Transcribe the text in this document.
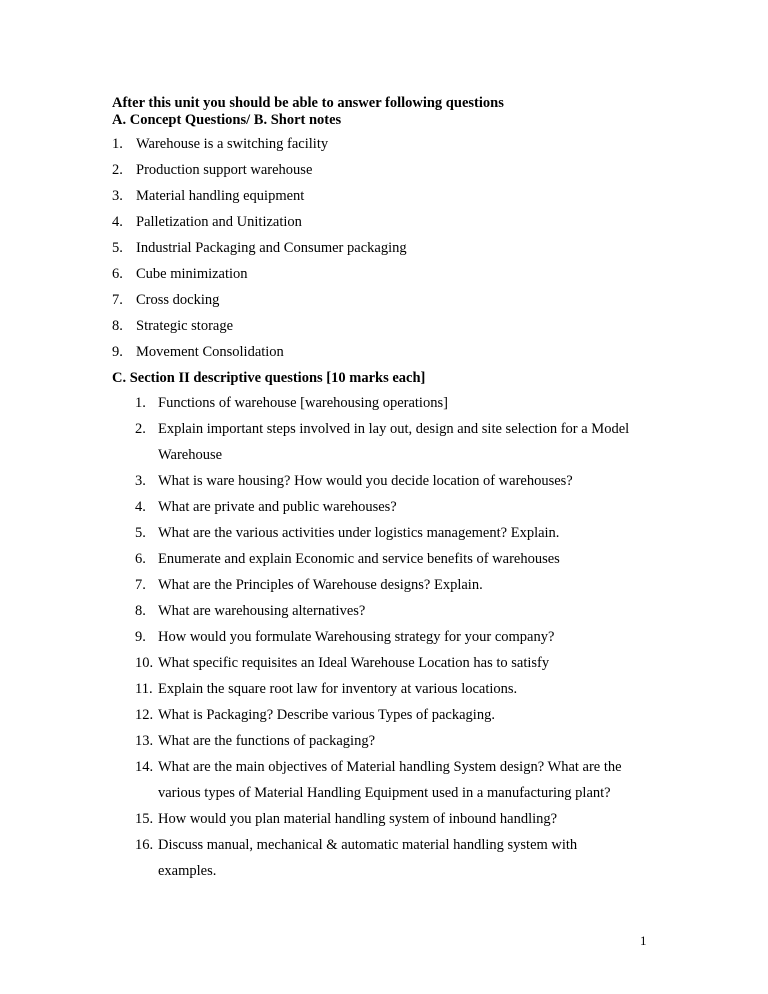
After this unit you should be able to answer following questions
A. Concept Questions/ B. Short notes
1. Warehouse is a switching facility
2. Production support warehouse
3. Material handling equipment
4. Palletization and Unitization
5. Industrial Packaging and Consumer packaging
6. Cube minimization
7. Cross docking
8. Strategic storage
9. Movement Consolidation
C. Section II descriptive questions [10 marks each]
1. Functions of warehouse [warehousing operations]
2. Explain important steps involved in lay out, design and site selection for a Model
Warehouse
3. What is ware housing? How would you decide location of warehouses?
4. What are private and public warehouses?
5. What are the various activities under logistics management? Explain.
6. Enumerate and explain Economic and service benefits of warehouses
7. What are the Principles of Warehouse designs? Explain.
8. What are warehousing alternatives?
9. How would you formulate Warehousing strategy for your company?
10. What specific requisites an Ideal Warehouse Location has to satisfy
11. Explain the square root law for inventory at various locations.
12. What is Packaging? Describe various Types of packaging.
13. What are the functions of packaging?
14. What are the main objectives of Material handling System design? What are the
various types of Material Handling Equipment used in a manufacturing plant?
15. How would you plan material handling system of inbound handling?
16. Discuss manual, mechanical & automatic material handling system with
examples.
1
